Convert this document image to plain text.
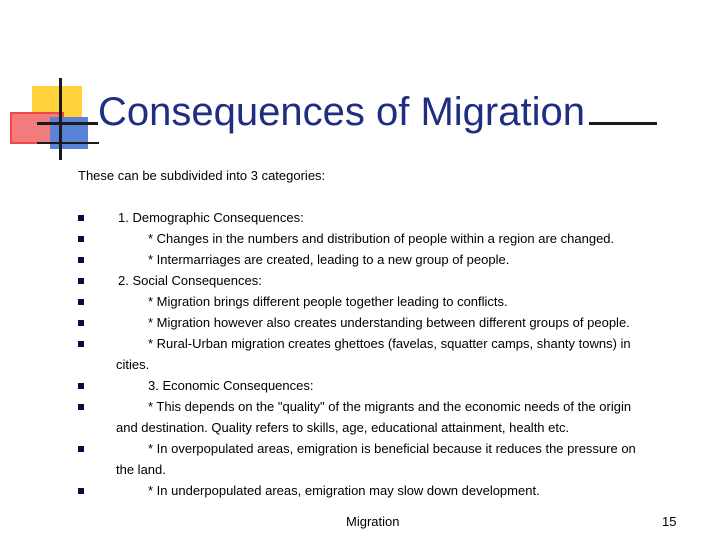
Consequences of Migration

These can be subdivided into 3 categories:

1. Demographic Consequences:
* Changes in the numbers and distribution of people within a region are changed.
* Intermarriages are created, leading to a new group of people.
2. Social Consequences:
* Migration brings different people together leading to conflicts.
* Migration however also creates understanding between different groups of people.
* Rural-Urban migration creates ghettoes (favelas, squatter camps, shanty towns) in
cities.
3. Economic Consequences:
* This depends on the "quality" of the migrants and the economic needs of the origin
and destination. Quality refers to skills, age, educational attainment, health etc.
* In overpopulated areas, emigration is beneficial because it reduces the pressure on
the land.
* In underpopulated areas, emigration may slow down development.
Migration	15
